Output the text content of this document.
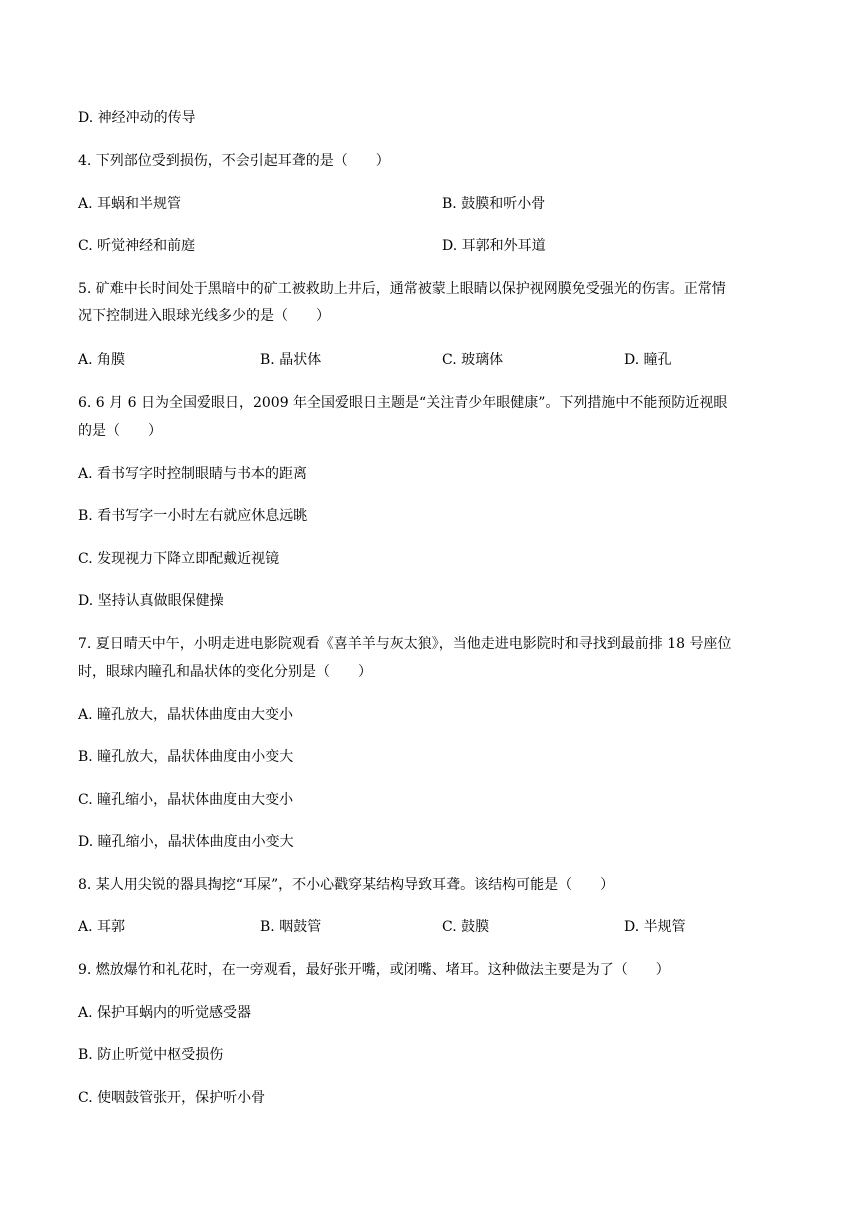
D. 神经冲动的传导
4. 下列部位受到损伤，不会引起耳聋的是（　　）
A. 耳蜗和半规管	B. 鼓膜和听小骨
C. 听觉神经和前庭	D. 耳郭和外耳道
5. 矿难中长时间处于黑暗中的矿工被救助上井后，通常被蒙上眼睛以保护视网膜免受强光的伤害。正常情
况下控制进入眼球光线多少的是（　　）
A. 角膜	B. 晶状体	C. 玻璃体	D. 瞳孔
6. 6 月 6 日为全国爱眼日，2009 年全国爱眼日主题是“关注青少年眼健康”。下列措施中不能预防近视眼
的是（　　）
A. 看书写字时控制眼睛与书本的距离
B. 看书写字一小时左右就应休息远眺
C. 发现视力下降立即配戴近视镜
D. 坚持认真做眼保健操
7. 夏日晴天中午，小明走进电影院观看《喜羊羊与灰太狼》，当他走进电影院时和寻找到最前排 18 号座位
时，眼球内瞳孔和晶状体的变化分别是（　　）
A. 瞳孔放大，晶状体曲度由大变小
B. 瞳孔放大，晶状体曲度由小变大
C. 瞳孔缩小，晶状体曲度由大变小
D. 瞳孔缩小，晶状体曲度由小变大
8. 某人用尖锐的器具掏挖“耳屎”，不小心戳穿某结构导致耳聋。该结构可能是（　　）
A. 耳郭	B. 咽鼓管	C. 鼓膜	D. 半规管
9. 燃放爆竹和礼花时，在一旁观看，最好张开嘴，或闭嘴、堵耳。这种做法主要是为了（　　）
A. 保护耳蜗内的听觉感受器
B. 防止听觉中枢受损伤
C. 使咽鼓管张开，保护听小骨
